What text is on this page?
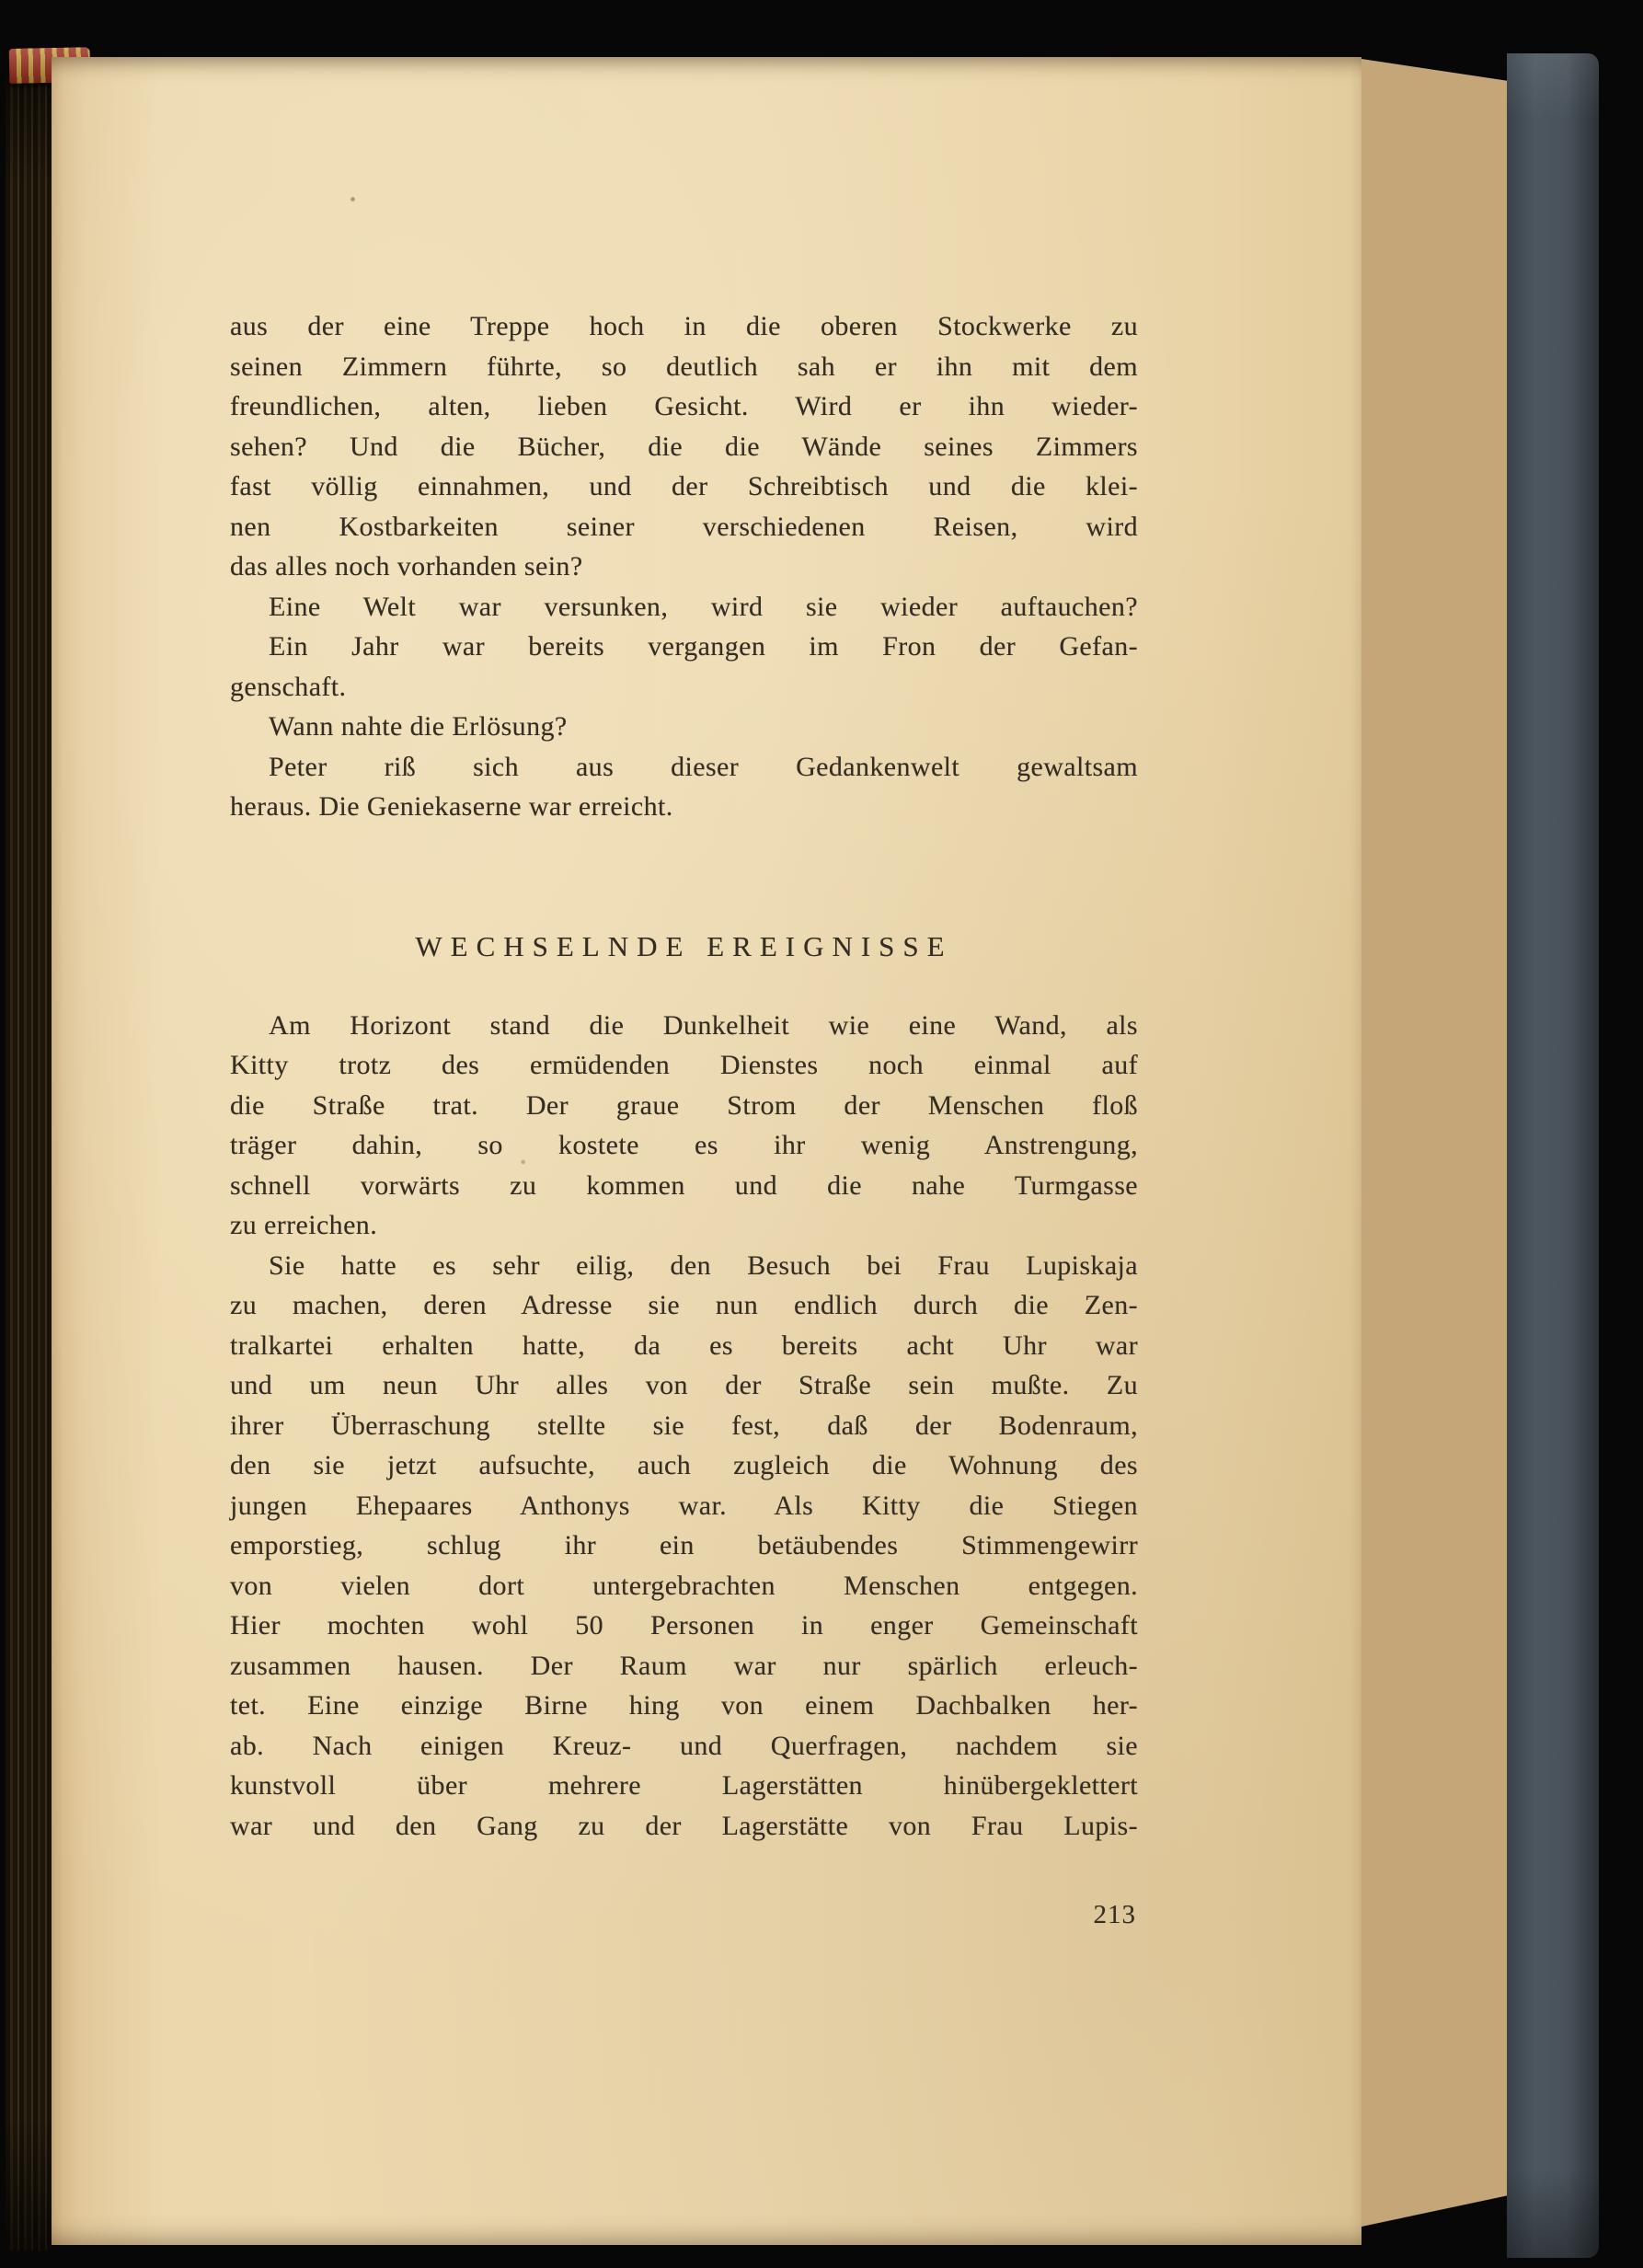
aus der eine Treppe hoch in die oberen Stockwerke zu
seinen Zimmern führte, so deutlich sah er ihn mit dem
freundlichen, alten, lieben Gesicht. Wird er ihn wieder-
sehen? Und die Bücher, die die Wände seines Zimmers
fast völlig einnahmen, und der Schreibtisch und die klei-
nen Kostbarkeiten seiner verschiedenen Reisen, wird
das alles noch vorhanden sein?
Eine Welt war versunken, wird sie wieder auftauchen?
Ein Jahr war bereits vergangen im Fron der Gefan-
genschaft.
Wann nahte die Erlösung?
Peter riß sich aus dieser Gedankenwelt gewaltsam
heraus. Die Geniekaserne war erreicht.
WECHSELNDE EREIGNISSE
Am Horizont stand die Dunkelheit wie eine Wand, als
Kitty trotz des ermüdenden Dienstes noch einmal auf
die Straße trat. Der graue Strom der Menschen floß
träger dahin, so kostete es ihr wenig Anstrengung,
schnell vorwärts zu kommen und die nahe Turmgasse
zu erreichen.
Sie hatte es sehr eilig, den Besuch bei Frau Lupiskaja
zu machen, deren Adresse sie nun endlich durch die Zen-
tralkartei erhalten hatte, da es bereits acht Uhr war
und um neun Uhr alles von der Straße sein mußte. Zu
ihrer Überraschung stellte sie fest, daß der Bodenraum,
den sie jetzt aufsuchte, auch zugleich die Wohnung des
jungen Ehepaares Anthonys war. Als Kitty die Stiegen
emporstieg, schlug ihr ein betäubendes Stimmengewirr
von vielen dort untergebrachten Menschen entgegen.
Hier mochten wohl 50 Personen in enger Gemeinschaft
zusammen hausen. Der Raum war nur spärlich erleuch-
tet. Eine einzige Birne hing von einem Dachbalken her-
ab. Nach einigen Kreuz- und Querfragen, nachdem sie
kunstvoll über mehrere Lagerstätten hinübergeklettert
war und den Gang zu der Lagerstätte von Frau Lupis-
213
